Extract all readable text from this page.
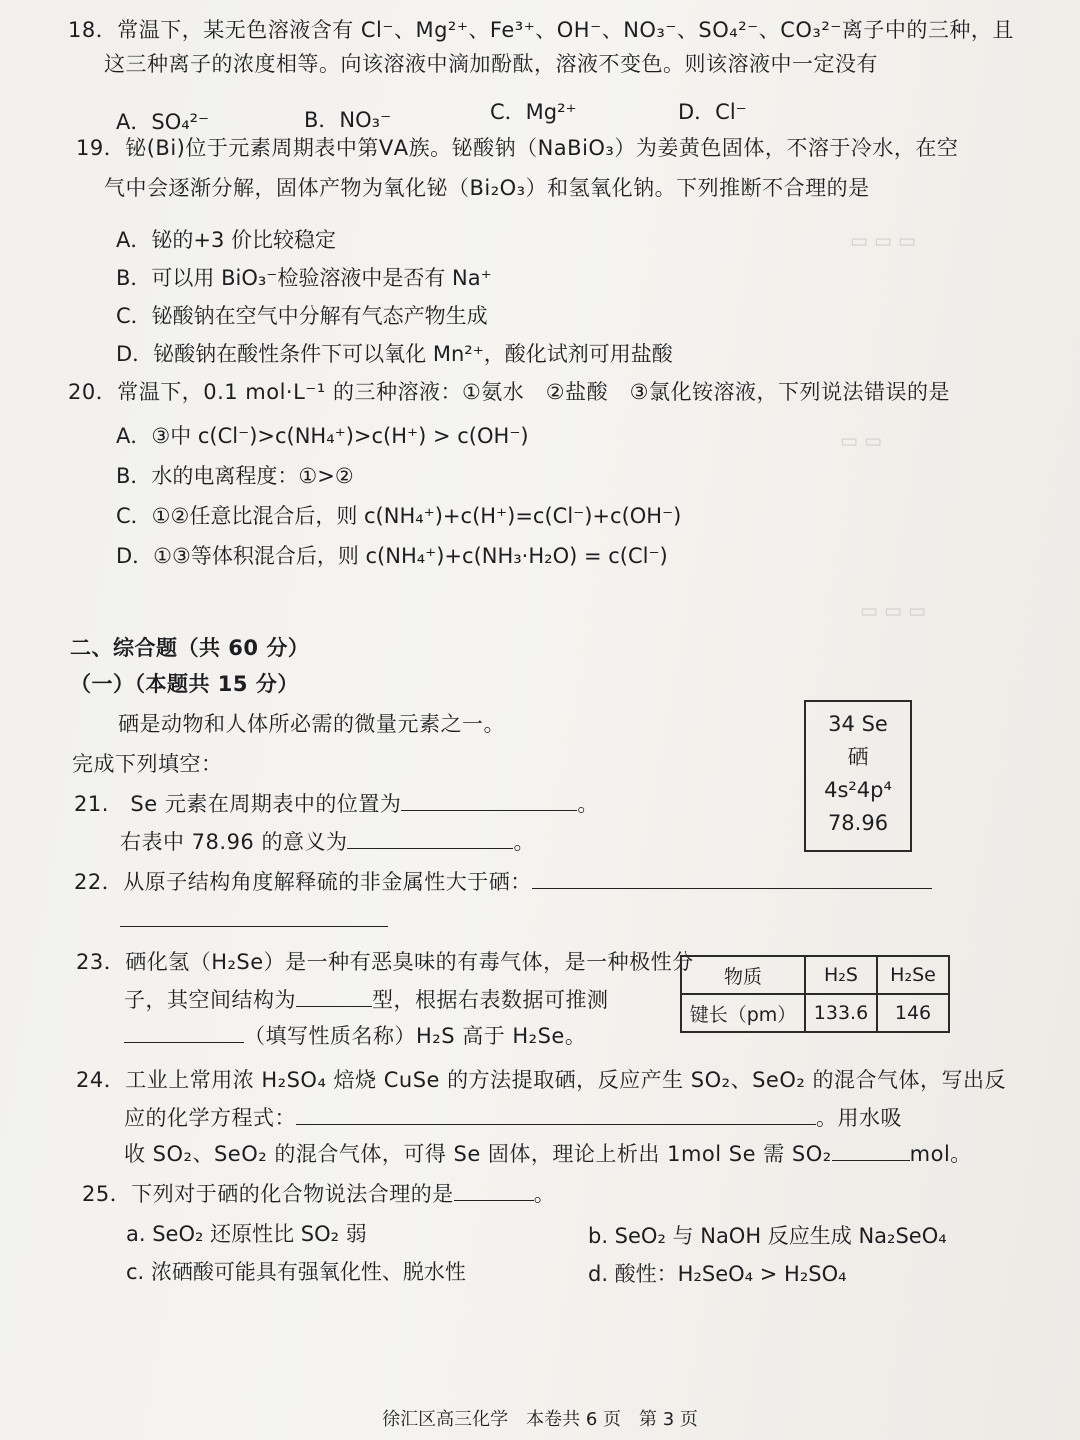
▭ ▭ ▭
▭ ▭
▭ ▭ ▭
18．常温下，某无色溶液含有 Cl⁻、Mg²⁺、Fe³⁺、OH⁻、NO₃⁻、SO₄²⁻、CO₃²⁻离子中的三种，且
这三种离子的浓度相等。向该溶液中滴加酚酞，溶液不变色。则该溶液中一定没有
A．SO₄²⁻	B．NO₃⁻	C．Mg²⁺	D．Cl⁻
19．铋(Bi)位于元素周期表中第ⅤA族。铋酸钠（NaBiO₃）为姜黄色固体，不溶于冷水，在空
气中会逐渐分解，固体产物为氧化铋（Bi₂O₃）和氢氧化钠。下列推断不合理的是
A．铋的+3 价比较稳定
B．可以用 BiO₃⁻检验溶液中是否有 Na⁺
C．铋酸钠在空气中分解有气态产物生成
D．铋酸钠在酸性条件下可以氧化 Mn²⁺，酸化试剂可用盐酸
20．常温下，0.1 mol·L⁻¹ 的三种溶液：①氨水　②盐酸　③氯化铵溶液，下列说法错误的是
A．③中 c(Cl⁻)>c(NH₄⁺)>c(H⁺) > c(OH⁻)
B．水的电离程度：①>②
C．①②任意比混合后，则 c(NH₄⁺)+c(H⁺)=c(Cl⁻)+c(OH⁻)
D．①③等体积混合后，则 c(NH₄⁺)+c(NH₃·H₂O) = c(Cl⁻)
二、综合题（共 60 分）
（一）（本题共 15 分）
硒是动物和人体所必需的微量元素之一。
完成下列填空：
34 Se
硒
4s²4p⁴
78.96
21.　Se 元素在周期表中的位置为	。
右表中 78.96 的意义为	。
22．从原子结构角度解释硫的非金属性大于硒：
23．硒化氢（H₂Se）是一种有恶臭味的有毒气体，是一种极性分
子，其空间结构为	型，根据右表数据可推测
（填写性质名称）H₂S 高于 H₂Se。
物质	H₂S	H₂Se
键长（pm）	133.6	146
24．工业上常用浓 H₂SO₄ 焙烧 CuSe 的方法提取硒，反应产生 SO₂、SeO₂ 的混合气体，写出反
应的化学方程式：	。用水吸
收 SO₂、SeO₂ 的混合气体，可得 Se 固体，理论上析出 1mol Se 需 SO₂	mol。
25．下列对于硒的化合物说法合理的是	。
a. SeO₂ 还原性比 SO₂ 弱	b. SeO₂ 与 NaOH 反应生成 Na₂SeO₄
c. 浓硒酸可能具有强氧化性、脱水性	d. 酸性：H₂SeO₄ > H₂SO₄
徐汇区高三化学　本卷共 6 页　第 3 页
